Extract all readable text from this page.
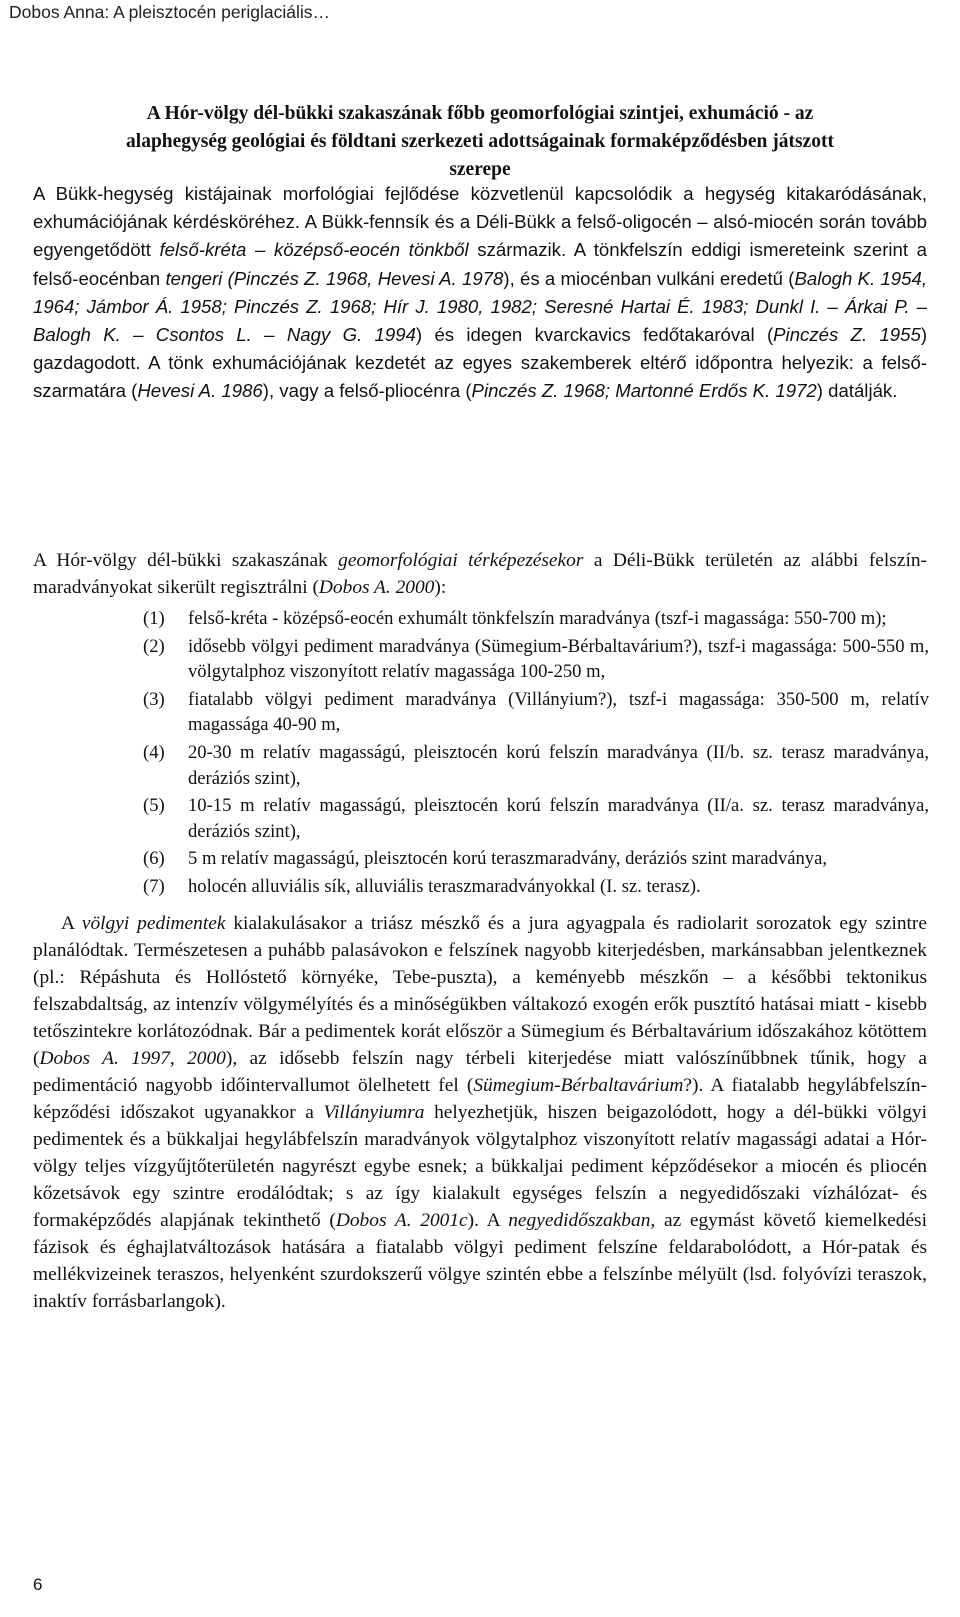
Dobos Anna: A pleisztocén periglaciális…
A Hór-völgy dél-bükki szakaszának főbb geomorfológiai szintjei, exhumáció - az
alaphegység geológiai és földtani szerkezeti adottságainak formaképződésben játszott
szerepe
A Bükk-hegység kistájainak morfológiai fejlődése közvetlenül kapcsolódik a hegység kitakaródásának, exhumációjának kérdésköréhez. A Bükk-fennsík és a Déli-Bükk a felső-oligocén – alsó-miocén során tovább egyengetődött felső-kréta – középső-eocén tönkből származik. A tönkfelszín eddigi ismereteink szerint a felső-eocénban tengeri (Pinczés Z. 1968, Hevesi A. 1978), és a miocénban vulkáni eredetű (Balogh K. 1954, 1964; Jámbor Á. 1958; Pinczés Z. 1968; Hír J. 1980, 1982; Seresné Hartai É. 1983; Dunkl I. – Árkai P. – Balogh K. – Csontos L. – Nagy G. 1994) és idegen kvarckavics fedőtakaróval (Pinczés Z. 1955) gazdagodott. A tönk exhumációjának kezdetét az egyes szakemberek eltérő időpontra helyezik: a felső-szarmatára (Hevesi A. 1986), vagy a felső-pliocénra (Pinczés Z. 1968; Martonné Erdős K. 1972) datálják.
A Hór-völgy dél-bükki szakaszának geomorfológiai térképezésekor a Déli-Bükk területén az alábbi felszín-maradványokat sikerült regisztrálni (Dobos A. 2000):
(1)	felső-kréta - középső-eocén exhumált tönkfelszín maradványa (tszf-i magassága: 550-700 m);
(2)	idősebb völgyi pediment maradványa (Sümegium-Bérbaltavárium?), tszf-i magassága: 500-550 m, völgytalphoz viszonyított relatív magassága 100-250 m,
(3)	fiatalabb völgyi pediment maradványa (Villányium?), tszf-i magassága: 350-500 m, relatív magassága 40-90 m,
(4)	20-30 m relatív magasságú, pleisztocén korú felszín maradványa (II/b. sz. terasz maradványa, deráziós szint),
(5)	10-15 m relatív magasságú, pleisztocén korú felszín maradványa (II/a. sz. terasz maradványa, deráziós szint),
(6)	5 m relatív magasságú, pleisztocén korú teraszmaradvány, deráziós szint maradványa,
(7)	holocén alluviális sík, alluviális teraszmaradványokkal (I. sz. terasz).

A völgyi pedimentek kialakulásakor a triász mészkő és a jura agyagpala és radiolarit sorozatok egy szintre planálódtak. Természetesen a puhább palasávokon e felszínek nagyobb kiterjedésben, markánsabban jelentkeznek (pl.: Répáshuta és Hollóstető környéke, Tebe-puszta), a keményebb mészkőn – a későbbi tektonikus felszabdaltság, az intenzív völgymélyítés és a minőségükben váltakozó exogén erők pusztító hatásai miatt - kisebb tetőszintekre korlátozódnak. Bár a pedimentek korát először a Sümegium és Bérbaltavárium időszakához kötöttem (Dobos A. 1997, 2000), az idősebb felszín nagy térbeli kiterjedése miatt valószínűbbnek tűnik, hogy a pedimentáció nagyobb időintervallumot ölelhetett fel (Sümegium-Bérbaltavárium?). A fiatalabb hegylábfelszín-képződési időszakot ugyanakkor a Villányiumra helyezhetjük, hiszen beigazolódott, hogy a dél-bükki völgyi pedimentek és a bükkaljai hegylábfelszín maradványok völgytalphoz viszonyított relatív magassági adatai a Hór-völgy teljes vízgyűjtőterületén nagyrészt egybe esnek; a bükkaljai pediment képződésekor a miocén és pliocén kőzetsávok egy szintre erodálódtak; s az így kialakult egységes felszín a negyedidőszaki vízhálózat- és formaképződés alapjának tekinthető (Dobos A. 2001c). A negyedidőszakban, az egymást követő kiemelkedési fázisok és éghajlatváltozások hatására a fiatalabb völgyi pediment felszíne feldarabolódott, a Hór-patak és mellékvizeinek teraszos, helyenként szurdokszerű völgye szintén ebbe a felszínbe mélyült (lsd. folyóvízi teraszok, inaktív forrásbarlangok).

6
